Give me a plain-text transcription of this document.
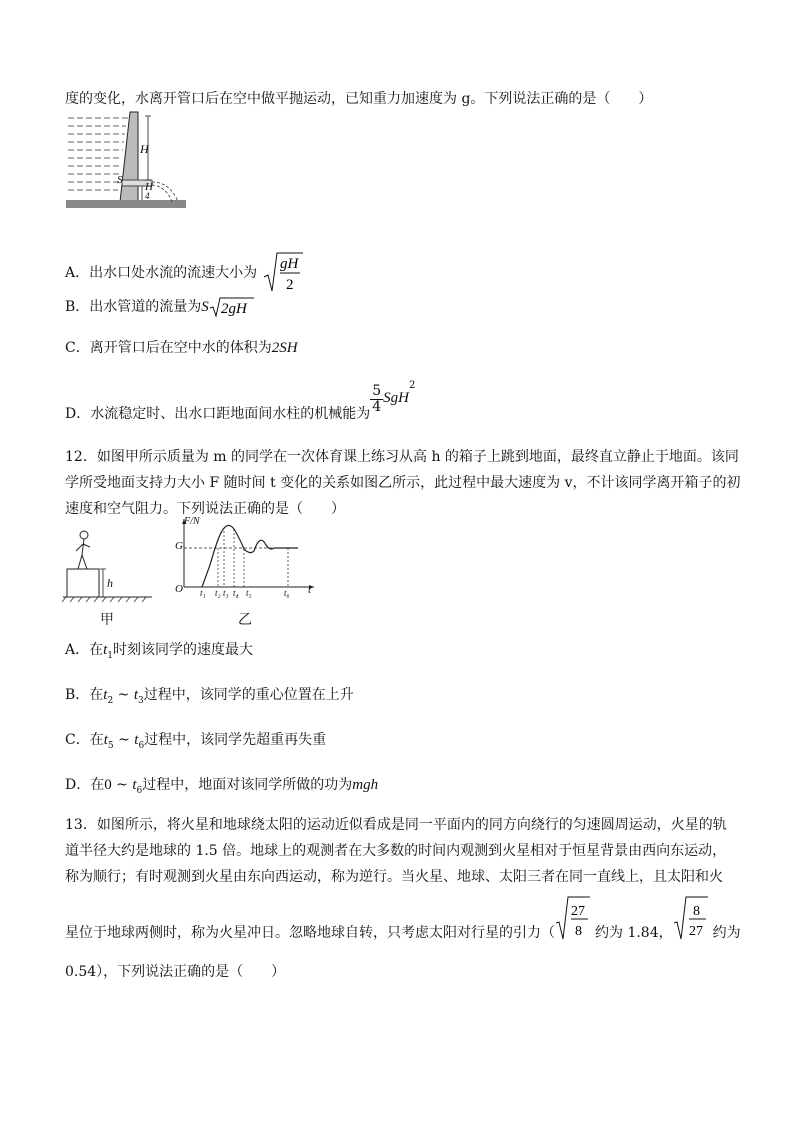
度的变化，水离开管口后在空中做平抛运动，已知重力加速度为 g。下列说法正确的是（　　）
H
S
H
4
A．出水口处水流的流速大小为
gH
2
B．出水管道的流量为S 2gH
C．离开管口后在空中水的体积为2SH
D．水流稳定时、出水口距地面间水柱的机械能为 $\frac{5}{4} SgH^2$
12．如图甲所示质量为 m 的同学在一次体育课上练习从高 h 的箱子上跳到地面，最终直立静止于地面。该同
学所受地面支持力大小 F 随时间 t 变化的关系如图乙所示，此过程中最大速度为 v，不计该同学离开箱子的初
速度和空气阻力。下列说法正确的是（　　）
h
甲
F/N
G
O t₁ t₂ t₃ t₄ t₅	t₆ t
乙
A．在$t_1$时刻该同学的速度最大
B．在$t_2$ ~ $t_3$过程中，该同学的重心位置在上升
C．在$t_5$ ~ $t_6$过程中，该同学先超重再失重
D．在0 ~ $t_6$过程中，地面对该同学所做的功为mgh
13．如图所示，将火星和地球绕太阳的运动近似看成是同一平面内的同方向绕行的匀速圆周运动，火星的轨
道半径大约是地球的 1.5 倍。地球上的观测者在大多数的时间内观测到火星相对于恒星背景由西向东运动，
称为顺行；有时观测到火星由东向西运动，称为逆行。当火星、地球、太阳三者在同一直线上，且太阳和火
星位于地球两侧时，称为火星冲日。忽略地球自转，只考虑太阳对行星的引力（
27
8 约为 1.84，
8
27 约为
0.54），下列说法正确的是（　　）
